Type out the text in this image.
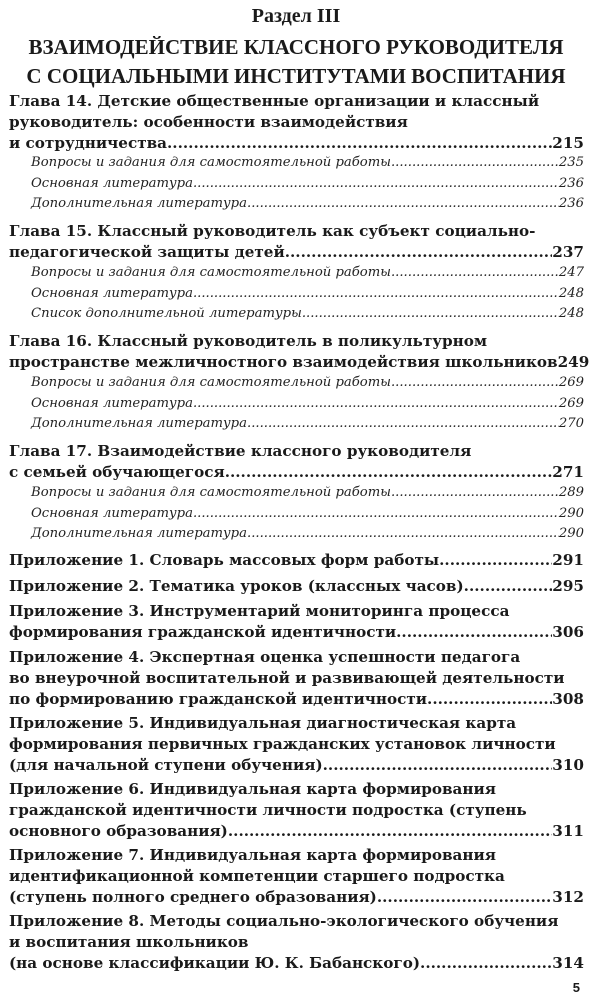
Раздел III
ВЗАИМОДЕЙСТВИЕ КЛАССНОГО РУКОВОДИТЕЛЯ
С СОЦИАЛЬНЫМИ ИНСТИТУТАМИ ВОСПИТАНИЯ
Глава 14. Детские общественные организации и классный
руководитель: особенности взаимодействия
и сотрудничества .....	215
Вопросы и задания для самостоятельной работы .....	235
Основная литература .....	236
Дополнительная литература .....	236
Глава 15. Классный руководитель как субъект социально-
педагогической защиты детей .....	237
Вопросы и задания для самостоятельной работы .....	247
Основная литература .....	248
Список дополнительной литературы .....	248
Глава 16. Классный руководитель в поликультурном
пространстве межличностного взаимодействия школьников 249
Вопросы и задания для самостоятельной работы .....	269
Основная литература .....	269
Дополнительная литература .....	270
Глава 17. Взаимодействие классного руководителя
с семьей обучающегося .....	271
Вопросы и задания для самостоятельной работы .....	289
Основная литература .....	290
Дополнительная литература .....	290
Приложение 1. Словарь массовых форм работы .....	291
Приложение 2. Тематика уроков (классных часов) .....	295
Приложение 3. Инструментарий мониторинга процесса
формирования гражданской идентичности .....	306
Приложение 4. Экспертная оценка успешности педагога
во внеурочной воспитательной и развивающей деятельности
по формированию гражданской идентичности .....	308
Приложение 5. Индивидуальная диагностическая карта
формирования первичных гражданских установок личности
(для начальной ступени обучения) .....	310
Приложение 6. Индивидуальная карта формирования
гражданской идентичности личности подростка (ступень
основного образования) .....	311
Приложение 7. Индивидуальная карта формирования
идентификационной компетенции старшего подростка
(ступень полного среднего образования) .....	312
Приложение 8. Методы социально-экологического обучения
и воспитания школьников
(на основе классификации Ю. К. Бабанского) .....	314
5
